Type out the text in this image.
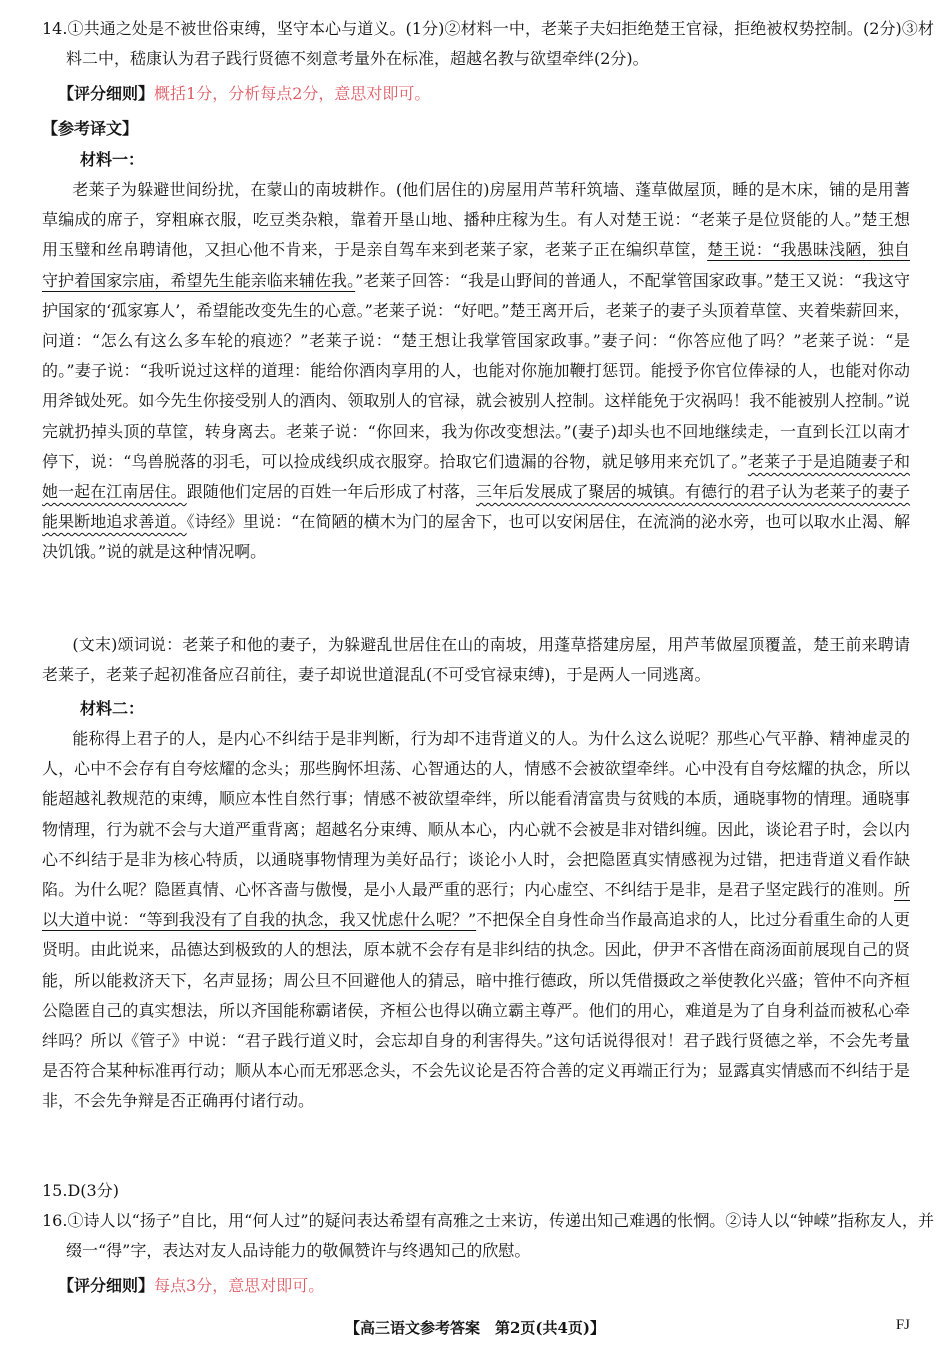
14.①共通之处是不被世俗束缚，坚守本心与道义。(1分)②材料一中，老莱子夫妇拒绝楚王官禄，拒绝被权势控制。(2分)③材料二中，嵇康认为君子践行贤德不刻意考量外在标准，超越名教与欲望牵绊(2分)。

【评分细则】概括1分，分析每点2分，意思对即可。

【参考译文】
材料一：

老莱子为躲避世间纷扰，在蒙山的南坡耕作。(他们居住的)房屋用芦苇秆筑墙、蓬草做屋顶，睡的是木床，铺的是用蓍草编成的席子，穿粗麻衣服，吃豆类杂粮，靠着开垦山地、播种庄稼为生。有人对楚王说：“老莱子是位贤能的人。”楚王想用玉璧和丝帛聘请他，又担心他不肯来，于是亲自驾车来到老莱子家，老莱子正在编织草筐，楚王说：“我愚昧浅陋，独自守护着国家宗庙，希望先生能亲临来辅佐我。”老莱子回答：“我是山野间的普通人，不配掌管国家政事。”楚王又说：“我这守护国家的‘孤家寡人’，希望能改变先生的心意。”老莱子说：“好吧。”楚王离开后，老莱子的妻子头顶着草筐、夹着柴薪回来，问道：“怎么有这么多车轮的痕迹？”老莱子说：“楚王想让我掌管国家政事。”妻子问：“你答应他了吗？”老莱子说：“是的。”妻子说：“我听说过这样的道理：能给你酒肉享用的人，也能对你施加鞭打惩罚。能授予你官位俸禄的人，也能对你动用斧钺处死。如今先生你接受别人的酒肉、领取别人的官禄，就会被别人控制。这样能免于灾祸吗！我不能被别人控制。”说完就扔掉头顶的草筐，转身离去。老莱子说：“你回来，我为你改变想法。”(妻子)却头也不回地继续走，一直到长江以南才停下，说：“鸟兽脱落的羽毛，可以捡成线织成衣服穿。拾取它们遗漏的谷物，就足够用来充饥了。”老莱子于是追随妻子和她一起在江南居住。跟随他们定居的百姓一年后形成了村落，三年后发展成了聚居的城镇。有德行的君子认为老莱子的妻子能果断地追求善道。《诗经》里说：“在简陋的横木为门的屋舍下，也可以安闲居住，在流淌的泌水旁，也可以取水止渴、解决饥饿。”说的就是这种情况啊。

(文末)颂词说：老莱子和他的妻子，为躲避乱世居住在山的南坡，用蓬草搭建房屋，用芦苇做屋顶覆盖，楚王前来聘请老莱子，老莱子起初准备应召前往，妻子却说世道混乱(不可受官禄束缚)，于是两人一同逃离。

材料二：

能称得上君子的人，是内心不纠结于是非判断，行为却不违背道义的人。为什么这么说呢？那些心气平静、精神虚灵的人，心中不会存有自夸炫耀的念头；那些胸怀坦荡、心智通达的人，情感不会被欲望牵绊。心中没有自夸炫耀的执念，所以能超越礼教规范的束缚，顺应本性自然行事；情感不被欲望牵绊，所以能看清富贵与贫贱的本质，通晓事物的情理。通晓事物情理，行为就不会与大道严重背离；超越名分束缚、顺从本心，内心就不会被是非对错纠缠。因此，谈论君子时，会以内心不纠结于是非为核心特质，以通晓事物情理为美好品行；谈论小人时，会把隐匿真实情感视为过错，把违背道义看作缺陷。为什么呢？隐匿真情、心怀吝啬与傲慢，是小人最严重的恶行；内心虚空、不纠结于是非，是君子坚定践行的准则。所以大道中说：“等到我没有了自我的执念，我又忧虑什么呢？”不把保全自身性命当作最高追求的人，比过分看重生命的人更贤明。由此说来，品德达到极致的人的想法，原本就不会存有是非纠结的执念。因此，伊尹不吝惜在商汤面前展现自己的贤能，所以能救济天下，名声显扬；周公旦不回避他人的猜忌，暗中推行德政，所以凭借摄政之举使教化兴盛；管仲不向齐桓公隐匿自己的真实想法，所以齐国能称霸诸侯，齐桓公也得以确立霸主尊严。他们的用心，难道是为了自身利益而被私心牵绊吗？所以《管子》中说：“君子践行道义时，会忘却自身的利害得失。”这句话说得很对！君子践行贤德之举，不会先考量是否符合某种标准再行动；顺从本心而无邪恶念头，不会先议论是否符合善的定义再端正行为；显露真实情感而不纠结于是非，不会先争辩是否正确再付诸行动。

15.D(3分)

16.①诗人以“扬子”自比，用“何人过”的疑问表达希望有高雅之士来访，传递出知己难遇的怅惘。②诗人以“钟嵘”指称友人，并缀一“得”字，表达对友人品诗能力的敬佩赞许与终遇知己的欣慰。

【评分细则】每点3分，意思对即可。

【高三语文参考答案　第2页(共4页)】	FJ
